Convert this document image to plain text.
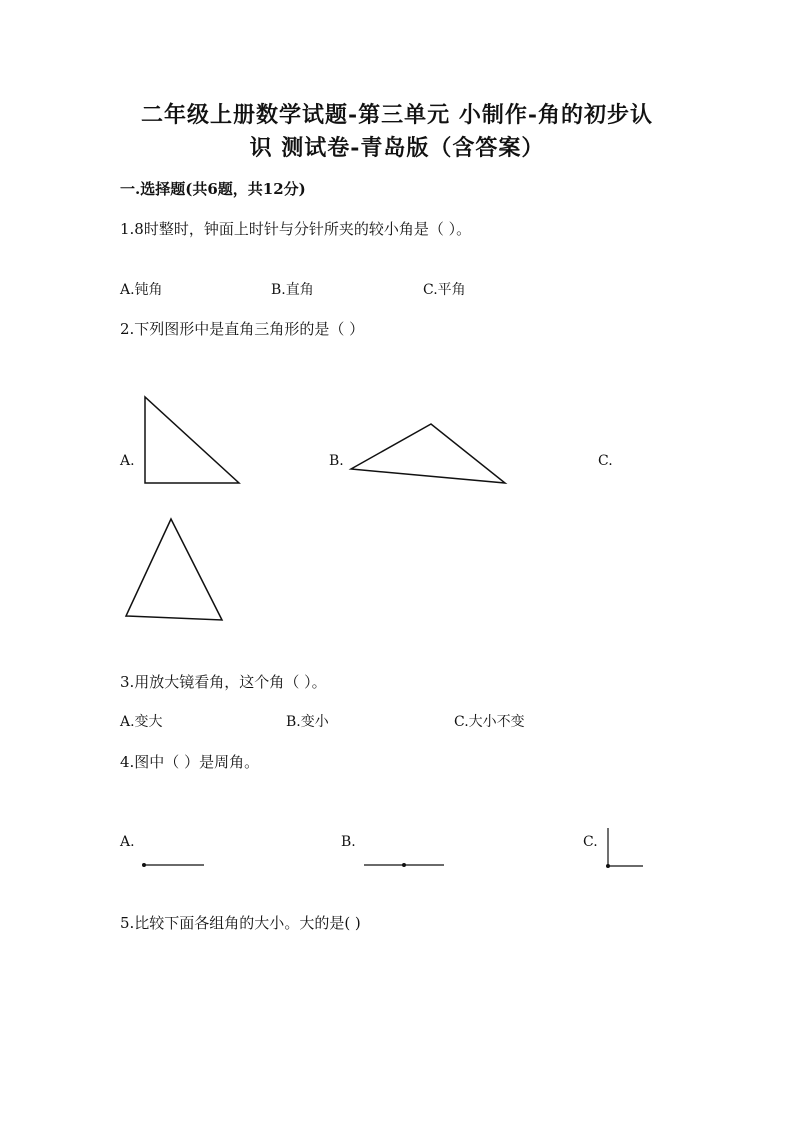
二年级上册数学试题-第三单元 小制作-角的初步认
识 测试卷-青岛版（含答案）
一.选择题(共6题，共12分)
1.8时整时，钟面上时针与分针所夹的较小角是（ ）。
A.钝角	B.直角	C.平角
2.下列图形中是直角三角形的是（ ）
A.	B.	C.
3.用放大镜看角，这个角（ ）。
A.变大	B.变小	C.大小不变
4.图中（ ）是周角。
A.	B.	C.
5.比较下面各组角的大小。大的是( )
